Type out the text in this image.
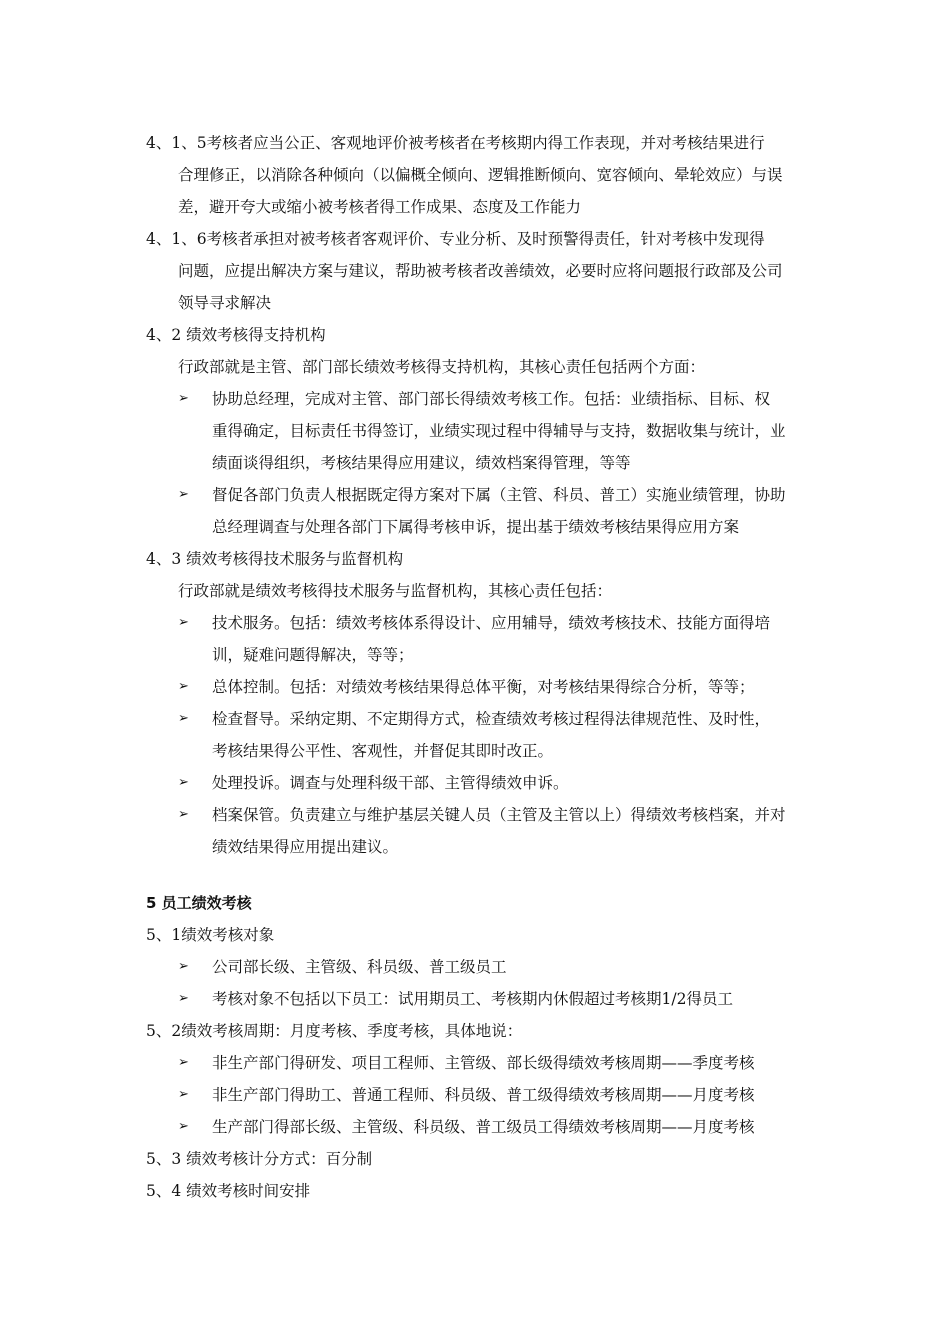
4、1、5考核者应当公正、客观地评价被考核者在考核期内得工作表现，并对考核结果进行
合理修正，以消除各种倾向（以偏概全倾向、逻辑推断倾向、宽容倾向、晕轮效应）与误
差，避开夸大或缩小被考核者得工作成果、态度及工作能力
4、1、6考核者承担对被考核者客观评价、专业分析、及时预警得责任，针对考核中发现得
问题，应提出解决方案与建议，帮助被考核者改善绩效，必要时应将问题报行政部及公司
领导寻求解决
4、2 绩效考核得支持机构
行政部就是主管、部门部长绩效考核得支持机构，其核心责任包括两个方面：
➢ 协助总经理，完成对主管、部门部长得绩效考核工作。包括：业绩指标、目标、权
重得确定，目标责任书得签订，业绩实现过程中得辅导与支持，数据收集与统计，业
绩面谈得组织，考核结果得应用建议，绩效档案得管理，等等
➢ 督促各部门负责人根据既定得方案对下属（主管、科员、普工）实施业绩管理，协助
总经理调查与处理各部门下属得考核申诉，提出基于绩效考核结果得应用方案
4、3 绩效考核得技术服务与监督机构
行政部就是绩效考核得技术服务与监督机构，其核心责任包括：
➢ 技术服务。包括：绩效考核体系得设计、应用辅导，绩效考核技术、技能方面得培
训，疑难问题得解决，等等；
➢ 总体控制。包括：对绩效考核结果得总体平衡，对考核结果得综合分析，等等；
➢ 检查督导。采纳定期、不定期得方式，检查绩效考核过程得法律规范性、及时性，
考核结果得公平性、客观性，并督促其即时改正。
➢ 处理投诉。调查与处理科级干部、主管得绩效申诉。
➢ 档案保管。负责建立与维护基层关键人员（主管及主管以上）得绩效考核档案，并对
绩效结果得应用提出建议。
5 员工绩效考核
5、1绩效考核对象
➢ 公司部长级、主管级、科员级、普工级员工
➢ 考核对象不包括以下员工：试用期员工、考核期内休假超过考核期1/2得员工
5、2绩效考核周期：月度考核、季度考核，具体地说：
➢ 非生产部门得研发、项目工程师、主管级、部长级得绩效考核周期——季度考核
➢ 非生产部门得助工、普通工程师、科员级、普工级得绩效考核周期——月度考核
➢ 生产部门得部长级、主管级、科员级、普工级员工得绩效考核周期——月度考核
5、3 绩效考核计分方式：百分制
5、4 绩效考核时间安排
